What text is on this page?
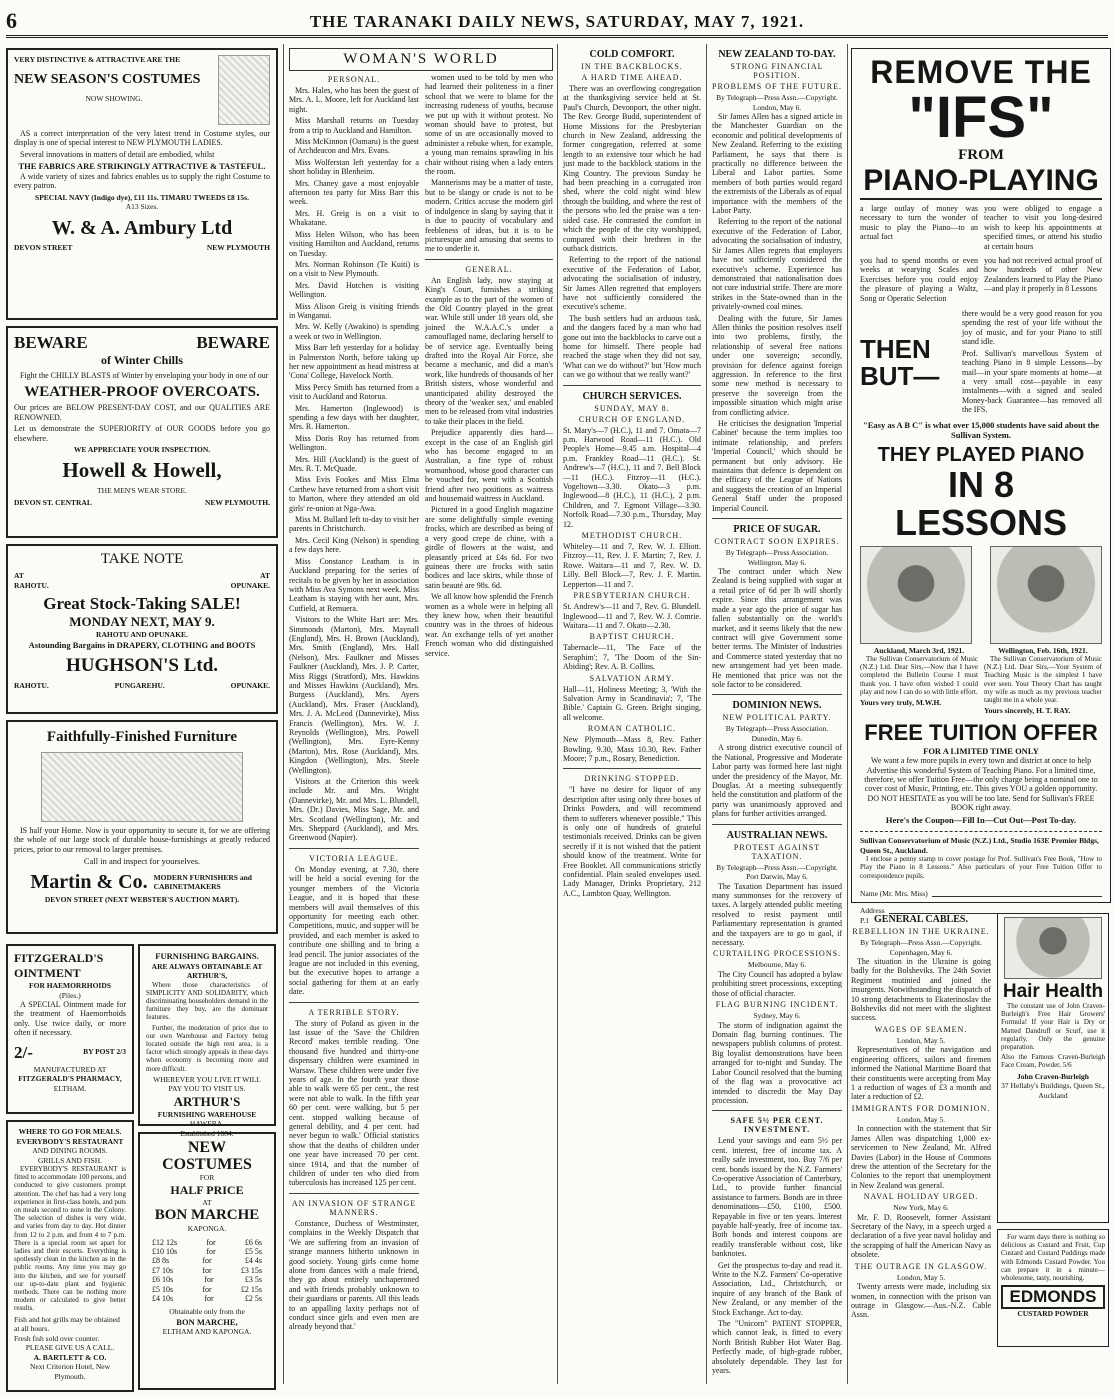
6	THE TARANAKI DAILY NEWS, SATURDAY, MAY 7, 1921.
VERY DISTINCTIVE & ATTRACTIVE ARE THE
NEW SEASON'S COSTUMES
NOW SHOWING.
AS a correct interpretation of the very latest trend in Costume styles, our display is one of special interest to NEW PLYMOUTH LADIES.
Several innovations in matters of detail are embodied, whilst
THE FABRICS ARE STRIKINGLY ATTRACTIVE & TASTEFUL.
A wide variety of sizes and fabrics enables us to supply the right Costume to every patron.
SPECIAL NAVY (Indigo dye), £11 11s. TIMARU TWEEDS £8 15s.
A13 Sizes.
W. & A. Ambury Ltd
DEVON STREET	NEW PLYMOUTH
BEWARE	BEWARE
of Winter Chills
Fight the CHILLY BLASTS of Winter by enveloping your body in one of our
WEATHER-PROOF OVERCOATS.
Our prices are BELOW PRESENT-DAY COST, and our QUALITIES ARE RENOWNED.
Let us demonstrate the SUPERIORITY of OUR GOODS before you go elsewhere.
WE APPRECIATE YOUR INSPECTION.
Howell & Howell,
THE MEN'S WEAR STORE.
DEVON ST. CENTRAL	NEW PLYMOUTH.
TAKE NOTE
AT	AT
RAHOTU.	OPUNAKE.
Great Stock-Taking SALE!
MONDAY NEXT, MAY 9.
RAHOTU AND OPUNAKE.
Astounding Bargains in DRAPERY, CLOTHING and BOOTS
HUGHSON'S Ltd.
RAHOTU.	PUNGAREHU.	OPUNAKE.
Faithfully-Finished Furniture
IS half your Home. Now is your opportunity to secure it, for we are offering the whole of our large stock of durable house-furnishings at greatly reduced prices, prior to our removal to larger premises.
Call in and inspect for yourselves.
Martin & Co. MODERN FURNISHERS and CABINETMAKERS
DEVON STREET (NEXT WEBSTER'S AUCTION MART).
FITZGERALD'S OINTMENT
FOR HAEMORRHOIDS
(Piles.)
A SPECIAL Ointment made for the treatment of Haemorrhoids only. Use twice daily, or more often if necessary.
2/-	BY POST 2/3
MANUFACTURED AT
FITZGERALD'S PHARMACY,
ELTHAM.
WHERE TO GO FOR MEALS.
EVERYBODY'S RESTAURANT
AND DINING ROOMS.
GRILLS AND FISH.
EVERYBODY'S RESTAURANT is fitted to accommodate 100 persons, and conducted to give customers prompt attention. The chef has had a very long experience in first-class hotels, and puts on meals second to none in the Colony. The selection of dishes is very wide, and varies from day to day. Hot dinner from 12 to 2 p.m. and from 4 to 7 p.m. There is a special room set apart for ladies and their escorts. Everything is spotlessly clean in the kitchen as in the public rooms. Any time you may go into the kitchen, and see for yourself our up-to-date plant and hygienic methods. There can be nothing more modern or calculated to give better results.
Fish and hot grills may be obtained at all hours.
Fresh fish sold over counter.
PLEASE GIVE US A CALL.
A. BARTLETT & CO.
Next Criterion Hotel, New Plymouth.
FURNISHING BARGAINS.
ARE ALWAYS OBTAINABLE AT ARTHUR'S,
Where those characteristics of SIMPLICITY AND SOLIDARITY, which discriminating householders demand in the furniture they buy, are the dominant features.
Further, the moderation of price due to our own Warehouse and Factory being located outside the high rent area, is a factor which strongly appeals in these days when economy is becoming more and more difficult.
WHEREVER YOU LIVE IT WILL PAY YOU TO VISIT US.
ARTHUR'S
FURNISHING WAREHOUSE
HAWERA.
Established 1884.
NEW COSTUMES
FOR
HALF PRICE
AT
BON MARCHE
KAPONGA.
£12 12s	for	£6 6s
£10 10s	for	£5 5s
£8 8s	for	£4 4s
£7 10s	for	£3 15s
£6 10s	for	£3 5s
£5 10s	for	£2 15s
£4 10s	for	£2 5s
Obtainable only from the
BON MARCHE,
ELTHAM AND KAPONGA.
WOMAN'S WORLD
PERSONAL.
Mrs. Hales, who has been the guest of Mrs. A. L. Moore, left for Auckland last night.
Miss Marshall returns on Tuesday from a trip to Auckland and Hamilton.
Miss McKinnon (Oamaru) is the guest of Archdeacon and Mrs. Evans.
Miss Wolferstan left yesterday for a short holiday in Blenheim.
Mrs. Chaney gave a most enjoyable afternoon tea party for Miss Barr this week.
Mrs. H. Greig is on a visit to Whakatane.
Miss Helen Wilson, who has been visiting Hamilton and Auckland, returns on Tuesday.
Mrs. Norman Robinson (Te Kuiti) is on a visit to New Plymouth.
Mrs. David Hutchen is visiting Wellington.
Miss Alison Greig is visiting friends in Wanganui.
Mrs. W. Kelly (Awakino) is spending a week or two in Wellington.
Miss Barr left yesterday for a holiday in Palmerston North, before taking up her new appointment as head mistress at 'Cona' College, Havelock North.
Miss Percy Smith has returned from a visit to Auckland and Rotorua.
Mrs. Hamerton (Inglewood) is spending a few days with her daughter, Mrs. R. Hamerton.
Miss Doris Roy has returned from Wellington.
Mrs. Hill (Auckland) is the guest of Mrs. R. T. McQuade.
Miss Evis Fookes and Miss Elma Carthew have returned from a short visit to Marton, where they attended an old girls' re-union at Nga-Awa.
Miss M. Bullard left to-day to visit her parents in Christchurch.
Mrs. Cecil King (Nelson) is spending a few days here.
Miss Constance Leatham is in Auckland preparing for the series of recitals to be given by her in association with Miss Ava Symons next week. Miss Leatham is staying with her aunt, Mrs. Cutfield, at Remuera.
Visitors to the White Hart are: Mrs. Simmonds (Marton), Mrs. Maynall (England), Mrs. H. Brown (Auckland), Mrs. Smith (England), Mrs. Hall (Nelson), Mrs. Faulkner and Misses Faulkner (Auckland), Mrs. J. P. Carter, Miss Riggs (Stratford), Mrs. Hawkins and Misses Hawkins (Auckland), Mrs. Burgess (Auckland), Mrs. Ayers (Auckland), Mrs. Fraser (Auckland), Mrs. J. A. McLeod (Dannevirke), Miss Francis (Wellington), Mrs. W. J. Reynolds (Wellington), Mrs. Powell (Wellington), Mrs. Eyre-Kenny (Marton), Mrs. Rose (Auckland), Mrs. Kingdon (Wellington), Mrs. Steele (Wellington).
Visitors at the Criterion this week include Mr. and Mrs. Wright (Dannevirke), Mr. and Mrs. L. Blundell, Mrs. (Dr.) Davies, Miss Sage, Mr. and Mrs. Scotland (Wellington), Mr. and Mrs. Sheppard (Auckland), and Mrs. Greenwood (Napier).
VICTORIA LEAGUE.
On Monday evening, at 7.30, there will be held a social evening for the younger members of the Victoria League, and it is hoped that these members will avail themselves of this opportunity for meeting each other. Competitions, music, and supper will be provided, and each member is asked to contribute one shilling and to bring a lead pencil. The junior associates of the league are not included in this evening, but the executive hopes to arrange a social gathering for them at an early date.
A TERRIBLE STORY.
The story of Poland as given in the last issue of the 'Save the Children Record' makes terrible reading. 'One thousand five hundred and thirty-one dispensary children were examined in Warsaw. These children were under five years of age. In the fourth year those able to walk were 65 per cent., the rest were not able to walk. In the fifth year 60 per cent. were walking, but 5 per cent. stopped walking because of general debility, and 4 per cent. had never begun to walk.' Official statistics show that the deaths of children under one year have increased 70 per cent. since 1914, and that the number of children of under ten who died from tuberculosis has increased 125 per cent.
AN INVASION OF STRANGE MANNERS.
Constance, Duchess of Westminster, complains in the Weekly Dispatch that 'We are suffering from an invasion of strange manners hitherto unknown in good society. Young girls come home alone from dances with a male friend, they go about entirely unchaperoned and with friends probably unknown to their guardians or parents. All this leads to an appalling laxity perhaps not of conduct since girls and even men are already beyond that.'
women used to be told by men who had learned their politeness in a finer school that we were to blame for the increasing rudeness of youths, because we put up with it without protest. No woman should have to protest, but some of us are occasionally moved to administer a rebuke when, for example, a young man remains sprawling in his chair without rising when a lady enters the room.
Mannerisms may be a matter of taste, but to be slangy or crude is not to be modern. Critics accuse the modern girl of indulgence in slang by saying that it is due to paucity of vocabulary and feebleness of ideas, but it is to be picturesque and amusing that seems to me to underlie it.
GENERAL.
An English lady, now staying at King's Court, furnishes a striking example as to the part of the women of the Old Country played in the great war. While still under 18 years old, she joined the W.A.A.C.'s under a camouflaged name, declaring herself to be of service age. Eventually being drafted into the Royal Air Force, she became a mechanic, and did a man's work, like hundreds of thousands of her British sisters, whose wonderful and unanticipated ability destroyed the theory of the 'weaker sex,' and enabled men to be released from vital industries to take their places in the field.
Prejudice apparently dies hard—except in the case of an English girl who has become engaged to an Australian, a fine type of robust womanhood, whose good character can be vouched for, went with a Scottish friend after two positions as waitress and housemaid waitress in Auckland.
Pictured in a good English magazine are some delightfully simple evening frocks, which are described as being of a very good crepe de chine, with a girdle of flowers at the waist, and pleasantly priced at £4s 6d. For two guineas there are frocks with satin bodices and lace skirts, while those of satin beauté are 98s. 6d.
We all know how splendid the French women as a whole were in helping all they knew how, when their beautiful country was in the throes of hideous war. An exchange tells of yet another French woman who did distinguished service.
COLD COMFORT.
IN THE BACKBLOCKS.
A HARD TIME AHEAD.
There was an overflowing congregation at the thanksgiving service held at St. Paul's Church, Devonport, the other night. The Rev. George Budd, superintendent of Home Missions for the Presbyterian church in New Zealand, addressing the former congregation, referred at some length to an extensive tour which he had just made to the backblock stations in the King Country. The previous Sunday he had been preaching in a corrugated iron shed, where the cold night wind blew through the building, and where the rest of the persons who led the praise was a ten-sided case. He contrasted the comfort in which the people of the city worshipped, compared with their brethren in the outback districts.
Referring to the report of the national executive of the Federation of Labor, advocating the socialisation of industry, Sir James Allen regretted that employers have not sufficiently considered the executive's scheme.
The bush settlers had an arduous task, and the dangers faced by a man who had gone out into the backblocks to carve out a home for himself. There people had reached the stage when they did not say, 'What can we do without?' but 'How much can we go without that we really want?'
CHURCH SERVICES.
SUNDAY, MAY 8.
CHURCH OF ENGLAND.
St. Mary's—7 (H.C.), 11 and 7. Omata—7 p.m. Harwood Road—11 (H.C.). Old People's Home—9.45 a.m. Hospital—4 p.m. Frankley Road—11 (H.C.). St. Andrew's—7 (H.C.), 11 and 7. Bell Block—11 (H.C.). Fitzroy—11 (H.C.). Vogeltown—3.30. Okato—3 p.m. Inglewood—8 (H.C.), 11 (H.C.), 2 p.m. Children, and 7. Egmont Village—3.30. Norfolk Road—7.30 p.m., Thursday, May 12.
METHODIST CHURCH.
Whiteley—11 and 7, Rev. W. J. Elliott. Fitzroy—11, Rev. J. F. Martin; 7, Rev. J. Rowe. Waitara—11 and 7, Rev. W. D. Lilly. Bell Block—7, Rev. J. F. Martin. Lepperton—11 and 7.
PRESBYTERIAN CHURCH.
St. Andrew's—11 and 7, Rev. G. Blundell. Inglewood—11 and 7, Rev. W. J. Comrie. Waitara—11 and 7. Okato—2.30.
BAPTIST CHURCH.
Tabernacle—11, 'The Face of the Seraphim'; 7, 'The Doom of the Sin-Abiding'; Rev. A. B. Collins.
SALVATION ARMY.
Hall—11, Holiness Meeting; 3, 'With the Salvation Army in Scandinavia'; 7, 'The Bible.' Captain G. Green. Bright singing, all welcome.
ROMAN CATHOLIC.
New Plymouth—Mass 8, Rev. Father Bowling. 9.30, Mass 10.30, Rev. Father Moore; 7 p.m., Rosary, Benediction.
DRINKING STOPPED.
"I have no desire for liquor of any description after using only three boxes of Drinks Powders, and will recommend them to sufferers whenever possible." This is only one of hundreds of grateful testimonials received. Drinks can be given secretly if it is not wished that the patient should know of the treatment. Write for Free Booklet. All communications strictly confidential. Plain sealed envelopes used. Lady Manager, Drinks Proprietary, 212 A.C., Lambton Quay, Wellington.
NEW ZEALAND TO-DAY.
STRONG FINANCIAL POSITION.
PROBLEMS OF THE FUTURE.
By Telegraph—Press Assn.—Copyright. London, May 6.
Sir James Allen has a signed article in the Manchester Guardian on the economic and political developments of New Zealand. Referring to the existing Parliament, he says that there is practically no difference between the Liberal and Labor parties. Some members of both parties would regard the extremists of the Liberals as of equal importance with the members of the Labor Party.
Referring to the report of the national executive of the Federation of Labor, advocating the socialisation of industry, Sir James Allen regrets that employers have not sufficiently considered the executive's scheme. Experience has demonstrated that nationalisation does not cure industrial strife. There are more strikes in the State-owned than in the privately-owned coal mines.
Dealing with the future, Sir James Allen thinks the position resolves itself into two problems, firstly, the relationship of several free nations under one sovereign; secondly, provision for defence against foreign aggression. In reference to the first some new method is necessary to preserve the sovereign from the impossible situation which might arise from conflicting advice.
He criticises the designation 'Imperial Cabinet' because the term implies too intimate relationship, and prefers 'Imperial Council,' which should be permanent but only advisory. He maintains that defence is dependent on the efficacy of the League of Nations and suggests the creation of an Imperial General Staff under the proposed Imperial Council.
PRICE OF SUGAR.
CONTRACT SOON EXPIRES.
By Telegraph—Press Association. Wellington, May 6.
The contract under which New Zealand is being supplied with sugar at a retail price of 6d per lb will shortly expire. Since this arrangement was made a year ago the price of sugar has fallen substantially on the world's market, and it seems likely that the new contract will give Government some better terms. The Minister of Industries and Commerce stated yesterday that no new arrangement had yet been made. He mentioned that price was not the sole factor to be considered.
DOMINION NEWS.
NEW POLITICAL PARTY.
By Telegraph—Press Association. Dunedin, May 6.
A strong district executive council of the National, Progressive and Moderate Labor party was formed here last night under the presidency of the Mayor, Mr. Douglas. At a meeting subsequently held the constitution and platform of the party was unanimously approved and plans for further activities arranged.
AUSTRALIAN NEWS.
PROTEST AGAINST TAXATION.
By Telegraph—Press Assn.—Copyright. Port Darwin, May 6.
The Taxation Department has issued many summonses for the recovery of taxes. A largely attended public meeting resolved to resist payment until Parliamentary representation is granted and the taxpayers are to go to gaol, if necessary.
CURTAILING PROCESSIONS.
Melbourne, May 6.
The City Council has adopted a bylaw prohibiting street processions, excepting those of official character.
FLAG BURNING INCIDENT.
Sydney, May 6.
The storm of indignation against the Domain flag burning continues. The newspapers publish columns of protest. Big loyalist demonstrations have been arranged for to-night and Sunday. The Labor Council resolved that the burning of the flag was a provocative act intended to discredit the May Day procession.
SAFE 5½ PER CENT. INVESTMENT.
Lend your savings and earn 5½ per cent. interest, free of income tax. A really safe investment, too. Buy 7/6 per cent. bonds issued by the N.Z. Farmers' Co-operative Association of Canterbury, Ltd., to provide further financial assistance to farmers. Bonds are in three denominations—£50, £100, £500. Repayable in five or ten years. Interest payable half-yearly, free of income tax. Both bonds and interest coupons are readily transferable without cost, like banknotes.
Get the prospectus to-day and read it. Write to the N.Z. Farmers' Co-operative Association, Ltd., Christchurch, or inquire of any branch of the Bank of New Zealand, or any member of the Stock Exchange. Act to-day.
The "Unicorn" PATENT STOPPER, which cannot leak, is fitted to every North British Rubber Hot Water Bag. Perfectly made, of high-grade rubber, absolutely dependable. They last for years.
REMOVE THE
"IFS"
FROM
PIANO-PLAYING
a large outlay of money was necessary to turn the wonder of music to play the Piano—to an actual fact
you were obliged to engage a teacher to visit you long-desired wish to keep his appointments at specified times, or attend his studio at certain hours
you had to spend months or even weeks at wearying Scales and Exercises before you could enjoy the pleasure of playing a Waltz, Song or Operatic Selection
you had not received actual proof of how hundreds of other New Zealanders learned to Play the Piano—and play it properly in 8 Lessons
THEN
BUT—
there would be a very good reason for you spending the rest of your life without the joy of music, and for your Piano to still stand idle.
Prof. Sullivan's marvellous System of teaching Piano in 8 simple Lessons—by mail—in your spare moments at home—at a very small cost—payable in easy instalments—with a signed and sealed Money-back Guarantee—has removed all the IFS.
"Easy as A B C" is what over 15,000 students have said about the Sullivan System.
THEY PLAYED PIANO
IN 8 LESSONS
Auckland, March 3rd, 1921.
The Sullivan Conservatorium of Music (N.Z.) Ltd. Dear Sirs,—Now that I have completed the Bulletin Course I must thank you. I have often wished I could play and now I can do so with little effort.
Yours very truly, M.W.H.
Wellington, Feb. 16th, 1921.
The Sullivan Conservatorium of Music (N.Z.) Ltd. Dear Sirs,—Your System of Teaching Music is the simplest I have ever seen. Your Theory Chart has taught my wife as much as my previous teacher taught me in a whole year.
Yours sincerely, H. T. RAY.
FREE TUITION OFFER
FOR A LIMITED TIME ONLY
We want a few more pupils in every town and district at once to help Advertise this wonderful System of Teaching Piano. For a limited time, therefore, we offer Tuition Free—the only charge being a nominal one to cover cost of Music, Printing, etc. This gives YOU a golden opportunity. DO NOT HESITATE as you will be too late. Send for Sullivan's FREE BOOK right away.
Here's the Coupon—Fill In—Cut Out—Post To-day.
Sullivan Conservatorium of Music (N.Z.) Ltd., Studio 163E Premier Bldgs, Queen St., Auckland.
I enclose a penny stamp to cover postage for Prof. Sullivan's Free Book, "How to Play the Piano in 8 Lessons." Also particulars of your Free Tuition Offer to correspondence pupils.
Name (Mr. Mrs. Miss)
Address
P.1 GENERAL CABLES.
REBELLION IN THE UKRAINE.
By Telegraph—Press Assn.—Copyright. Copenhagen, May 6.
The situation in the Ukraine is going badly for the Bolsheviks. The 24th Soviet Regiment mutinied and joined the insurgents. Notwithstanding the dispatch of 10 strong detachments to Ekaterinoslav the Bolsheviks did not meet with the slightest success.
WAGES OF SEAMEN.
London, May 5.
Representatives of the navigation and engineering officers, sailors and firemen informed the National Maritime Board that their constituents were accepting from May 1 a reduction of wages of £3 a month and later a reduction of £2.
IMMIGRANTS FOR DOMINION.
London, May 5.
In connection with the statement that Sir James Allen was dispatching 1,000 ex-servicemen to New Zealand, Mr. Alfred Davies (Labor) in the House of Commons drew the attention of the Secretary for the Colonies to the report that unemployment in New Zealand was general.
NAVAL HOLIDAY URGED.
New York, May 6.
Mr. F. D. Roosevelt, former Assistant Secretary of the Navy, in a speech urged a declaration of a five year naval holiday and the scrapping of half the American Navy as obsolete.
THE OUTRAGE IN GLASGOW.
London, May 5.
Twenty arrests were made, including six women, in connection with the prison van outrage in Glasgow.—Aus.-N.Z. Cable Assn.
Hair Health
The constant use of John Craven-Burleigh's Free Hair Growers' Formula! If your Hair is Dry or Matted Dandruff or Scurf, use it regularly. Only the genuine preparation.
Also the Famous Craven-Burleigh Face Cream, Powder, 5/6
John Craven-Burleigh
37 Hellaby's Buildings, Queen St., Auckland
For warm days there is nothing so delicious as Custard and Fruit, Cup Custard and Custard Puddings made with Edmonds Custard Powder. You can prepare it in a minute—wholesome, tasty, nourishing.
EDMONDS
CUSTARD POWDER
